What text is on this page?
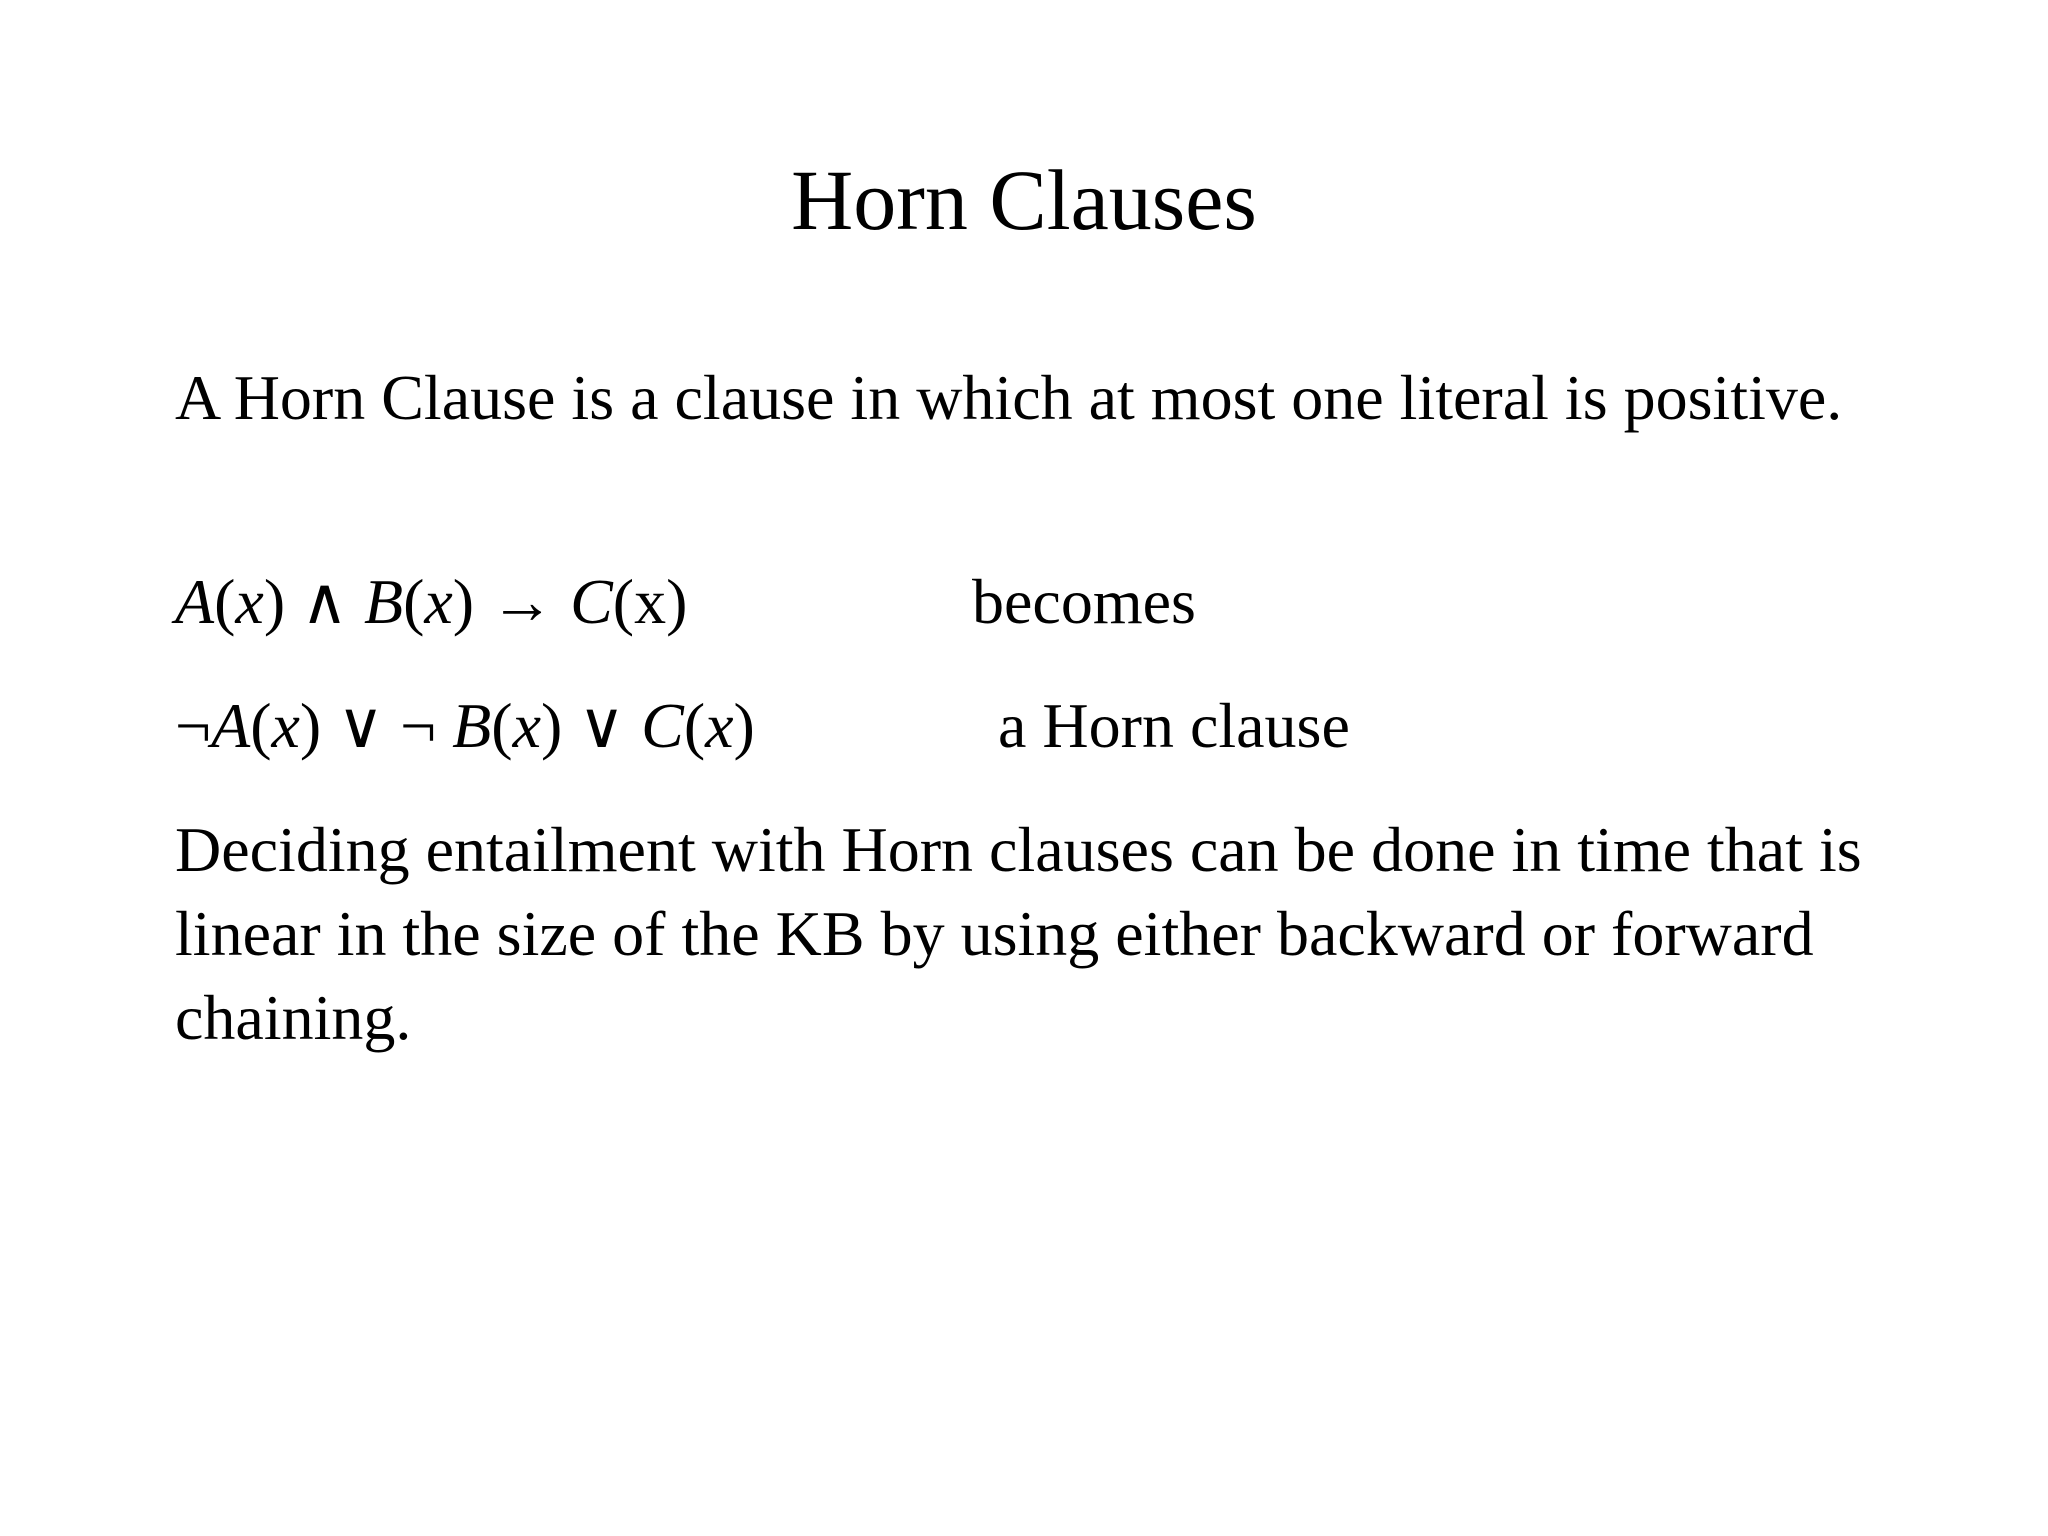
Horn Clauses

A Horn Clause is a clause in which at most one literal is positive.

A(x) ∧ B(x) → C(x)	becomes
¬A(x) ∨ ¬ B(x) ∨ C(x)	a Horn clause

Deciding entailment with Horn clauses can be done in time that is linear in the size of the KB by using either backward or forward chaining.
